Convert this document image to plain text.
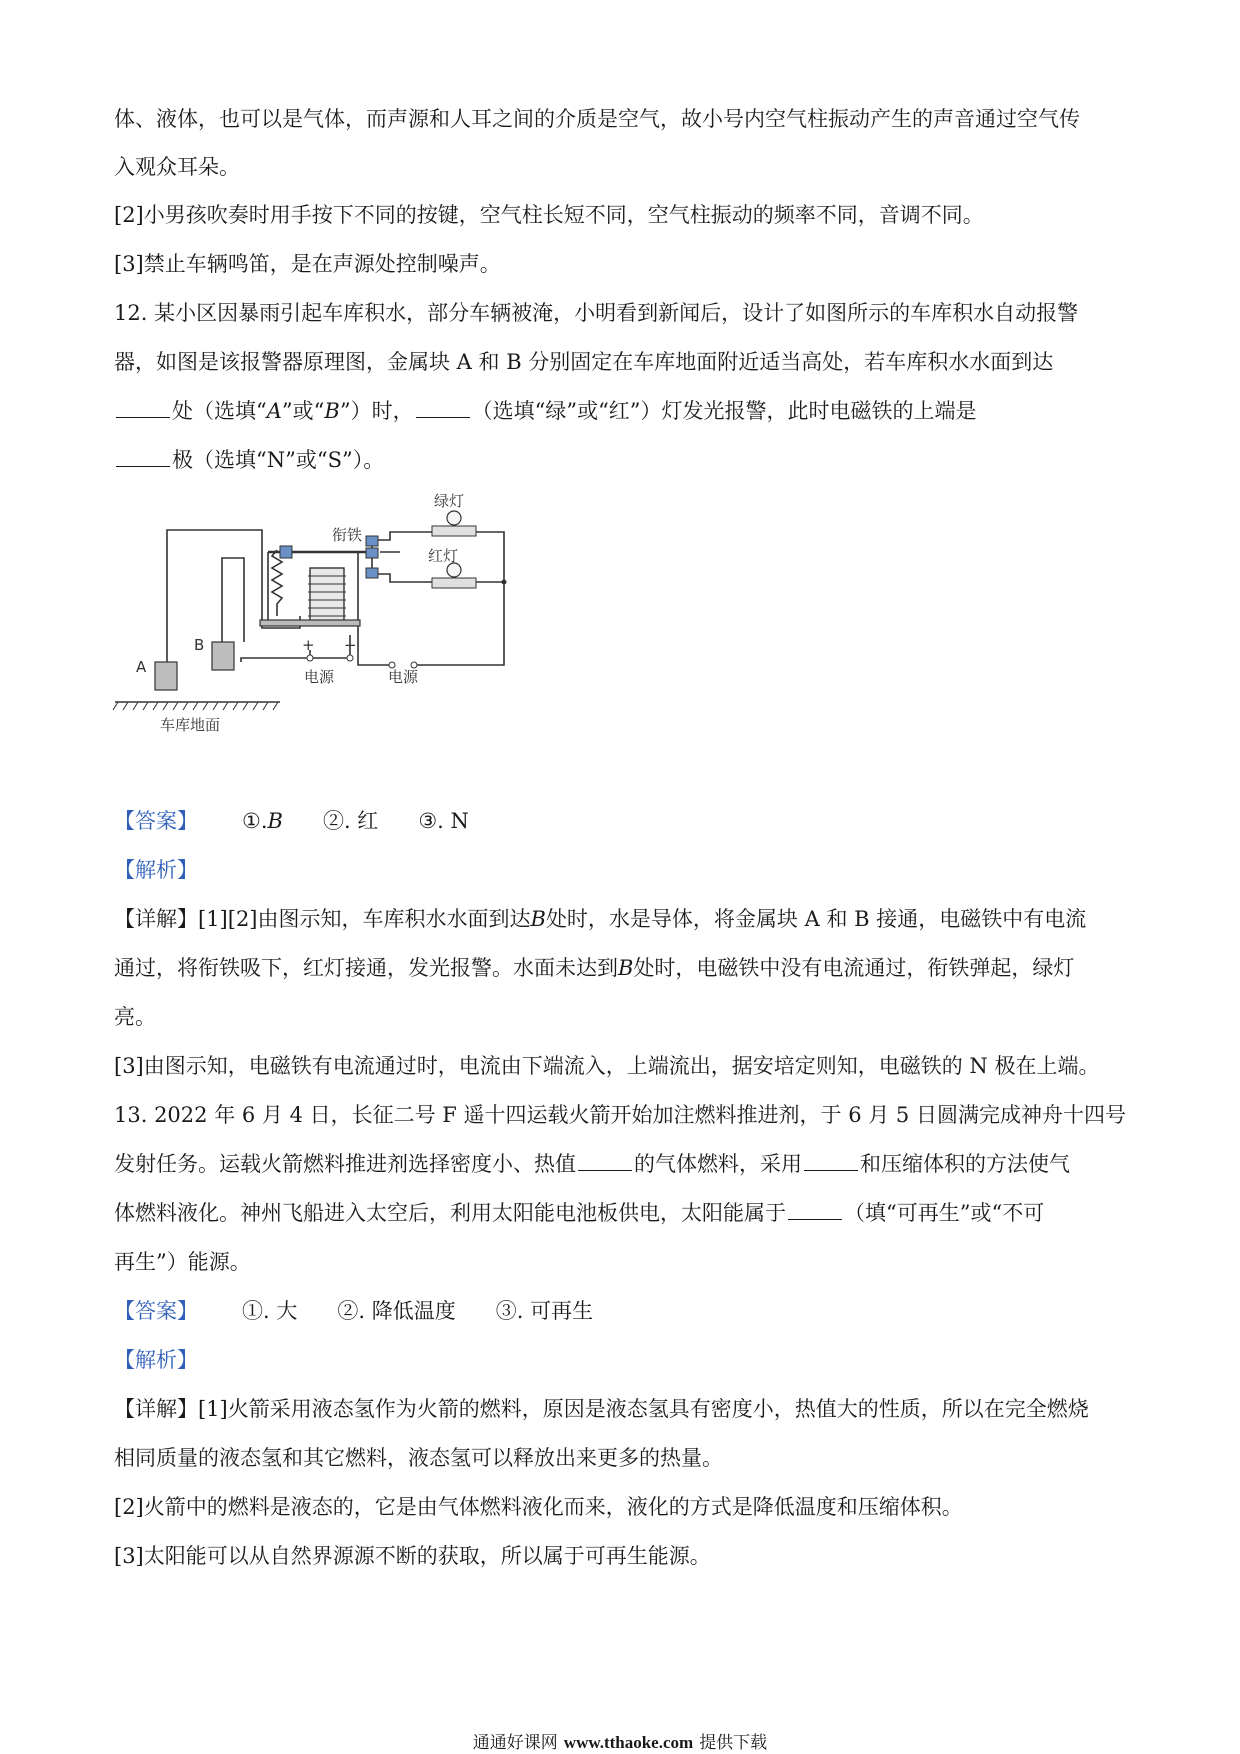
体、液体，也可以是气体，而声源和人耳之间的介质是空气，故小号内空气柱振动产生的声音通过空气传
入观众耳朵。
[2]小男孩吹奏时用手按下不同的按键，空气柱长短不同，空气柱振动的频率不同，音调不同。
[3]禁止车辆鸣笛，是在声源处控制噪声。
12. 某小区因暴雨引起车库积水，部分车辆被淹，小明看到新闻后，设计了如图所示的车库积水自动报警
器，如图是该报警器原理图，金属块 A 和 B 分别固定在车库地面附近适当高处，若车库积水水面到达
处（选填“A”或“B”）时，	（选填“绿”或“红”）灯发光报警，此时电磁铁的上端是
极（选填“N”或“S”）。
绿灯
红灯
衔铁
A
B	+ −
电源	电源
车库地面
【答案】 ①.B ②. 红 ③. N
【解析】
【详解】[1][2]由图示知，车库积水水面到达B处时，水是导体，将金属块 A 和 B 接通，电磁铁中有电流
通过，将衔铁吸下，红灯接通，发光报警。水面未达到B处时，电磁铁中没有电流通过，衔铁弹起，绿灯
亮。
[3]由图示知，电磁铁有电流通过时，电流由下端流入，上端流出，据安培定则知，电磁铁的 N 极在上端。
13. 2022 年 6 月 4 日，长征二号 F 遥十四运载火箭开始加注燃料推进剂，于 6 月 5 日圆满完成神舟十四号
发射任务。运载火箭燃料推进剂选择密度小、热值	的气体燃料，采用	和压缩体积的方法使气
体燃料液化。神州飞船进入太空后，利用太阳能电池板供电，太阳能属于	（填“可再生”或“不可
再生”）能源。
【答案】 ①. 大 ②. 降低温度 ③. 可再生
【解析】
【详解】[1]火箭采用液态氢作为火箭的燃料，原因是液态氢具有密度小，热值大的性质，所以在完全燃烧
相同质量的液态氢和其它燃料，液态氢可以释放出来更多的热量。
[2]火箭中的燃料是液态的，它是由气体燃料液化而来，液化的方式是降低温度和压缩体积。
[3]太阳能可以从自然界源源不断的获取，所以属于可再生能源。
通通好课网 www.tthaoke.com 提供下载
